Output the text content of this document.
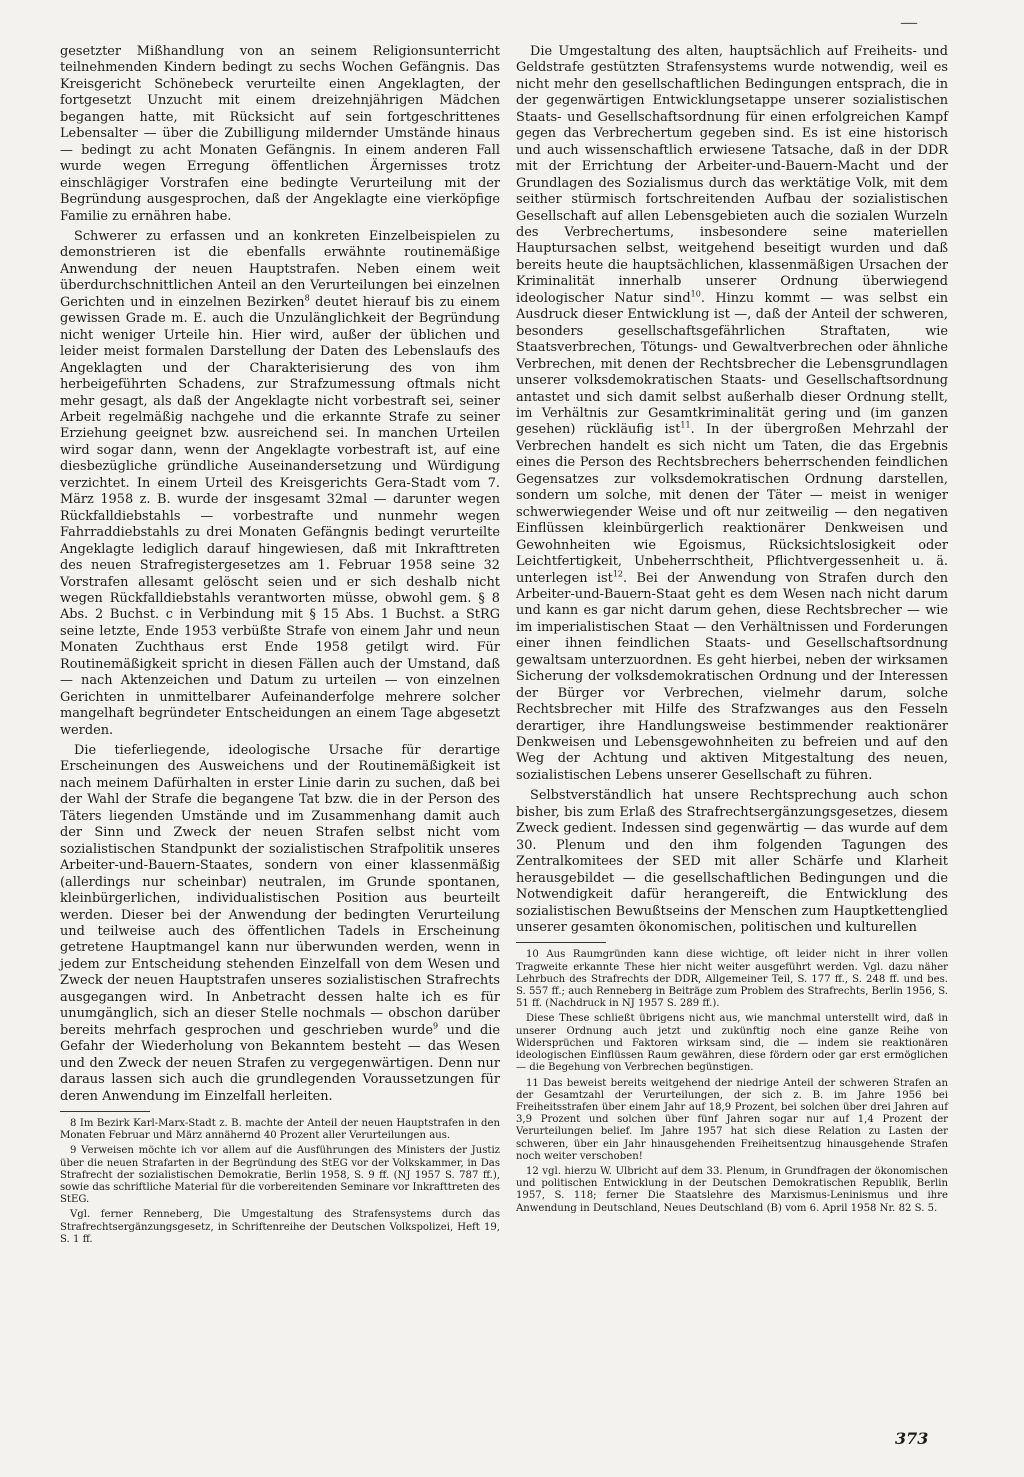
—

gesetzter Mißhandlung von an seinem Religionsunterricht teilnehmenden Kindern bedingt zu sechs Wochen Gefängnis. Das Kreisgericht Schönebeck verurteilte einen Angeklagten, der fortgesetzt Unzucht mit einem dreizehnjährigen Mädchen begangen hatte, mit Rücksicht auf sein fortgeschrittenes Lebensalter — über die Zubilligung mildernder Umstände hinaus — bedingt zu acht Monaten Gefängnis. In einem anderen Fall wurde wegen Erregung öffentlichen Ärgernisses trotz einschlägiger Vorstrafen eine bedingte Verurteilung mit der Begründung ausgesprochen, daß der Angeklagte eine vierköpfige Familie zu ernähren habe.

Schwerer zu erfassen und an konkreten Einzelbeispielen zu demonstrieren ist die ebenfalls erwähnte routinemäßige Anwendung der neuen Hauptstrafen. Neben einem weit überdurchschnittlichen Anteil an den Verurteilungen bei einzelnen Gerichten und in einzelnen Bezirken$^8$ deutet hierauf bis zu einem gewissen Grade m. E. auch die Unzulänglichkeit der Begründung nicht weniger Urteile hin. Hier wird, außer der üblichen und leider meist formalen Darstellung der Daten des Lebenslaufs des Angeklagten und der Charakterisierung des von ihm herbeigeführten Schadens, zur Strafzumessung oftmals nicht mehr gesagt, als daß der Angeklagte nicht vorbestraft sei, seiner Arbeit regelmäßig nachgehe und die erkannte Strafe zu seiner Erziehung geeignet bzw. ausreichend sei. In manchen Urteilen wird sogar dann, wenn der Angeklagte vorbestraft ist, auf eine diesbezügliche gründliche Auseinandersetzung und Würdigung verzichtet. In einem Urteil des Kreisgerichts Gera-Stadt vom 7. März 1958 z. B. wurde der insgesamt 32mal — darunter wegen Rückfalldiebstahls — vorbestrafte und nunmehr wegen Fahrraddiebstahls zu drei Monaten Gefängnis bedingt verurteilte Angeklagte lediglich darauf hingewiesen, daß mit Inkrafttreten des neuen Strafregistergesetzes am 1. Februar 1958 seine 32 Vorstrafen allesamt gelöscht seien und er sich deshalb nicht wegen Rückfalldiebstahls verantworten müsse, obwohl gem. § 8 Abs. 2 Buchst. c in Verbindung mit § 15 Abs. 1 Buchst. a StRG seine letzte, Ende 1953 verbüßte Strafe von einem Jahr und neun Monaten Zuchthaus erst Ende 1958 getilgt wird. Für Routinemäßigkeit spricht in diesen Fällen auch der Umstand, daß — nach Aktenzeichen und Datum zu urteilen — von einzelnen Gerichten in unmittelbarer Aufeinanderfolge mehrere solcher mangelhaft begründeter Entscheidungen an einem Tage abgesetzt werden.

Die tieferliegende, ideologische Ursache für derartige Erscheinungen des Ausweichens und der Routinemäßigkeit ist nach meinem Dafürhalten in erster Linie darin zu suchen, daß bei der Wahl der Strafe die begangene Tat bzw. die in der Person des Täters liegenden Umstände und im Zusammenhang damit auch der Sinn und Zweck der neuen Strafen selbst nicht vom sozialistischen Standpunkt der sozialistischen Strafpolitik unseres Arbeiter-und-Bauern-Staates, sondern von einer klassenmäßig (allerdings nur scheinbar) neutralen, im Grunde spontanen, kleinbürgerlichen, individualistischen Position aus beurteilt werden. Dieser bei der Anwendung der bedingten Verurteilung und teilweise auch des öffentlichen Tadels in Erscheinung getretene Hauptmangel kann nur überwunden werden, wenn in jedem zur Entscheidung stehenden Einzelfall von dem Wesen und Zweck der neuen Hauptstrafen unseres sozialistischen Strafrechts ausgegangen wird. In Anbetracht dessen halte ich es für unumgänglich, sich an dieser Stelle nochmals — obschon darüber bereits mehrfach gesprochen und geschrieben wurde$^9$ und die Gefahr der Wiederholung von Bekanntem besteht — das Wesen und den Zweck der neuen Strafen zu vergegenwärtigen. Denn nur daraus lassen sich auch die grundlegenden Voraussetzungen für deren Anwendung im Einzelfall herleiten.

8 Im Bezirk Karl-Marx-Stadt z. B. machte der Anteil der neuen Hauptstrafen in den Monaten Februar und März annähernd 40 Prozent aller Verurteilungen aus.

9 Verweisen möchte ich vor allem auf die Ausführungen des Ministers der Justiz über die neuen Strafarten in der Begründung des StEG vor der Volkskammer, in Das Strafrecht der sozialistischen Demokratie, Berlin 1958, S. 9 ff. (NJ 1957 S. 787 ff.), sowie das schriftliche Material für die vorbereitenden Seminare vor Inkrafttreten des StEG.

Vgl. ferner Renneberg, Die Umgestaltung des Strafensystems durch das Strafrechtsergänzungsgesetz, in Schriftenreihe der Deutschen Volkspolizei, Heft 19, S. 1 ff.

Die Umgestaltung des alten, hauptsächlich auf Freiheits- und Geldstrafe gestützten Strafensystems wurde notwendig, weil es nicht mehr den gesellschaftlichen Bedingungen entsprach, die in der gegenwärtigen Entwicklungsetappe unserer sozialistischen Staats- und Gesellschaftsordnung für einen erfolgreichen Kampf gegen das Verbrechertum gegeben sind. Es ist eine historisch und auch wissenschaftlich erwiesene Tatsache, daß in der DDR mit der Errichtung der Arbeiter-und-Bauern-Macht und der Grundlagen des Sozialismus durch das werktätige Volk, mit dem seither stürmisch fortschreitenden Aufbau der sozialistischen Gesellschaft auf allen Lebensgebieten auch die sozialen Wurzeln des Verbrechertums, insbesondere seine materiellen Hauptursachen selbst, weitgehend beseitigt wurden und daß bereits heute die hauptsächlichen, klassenmäßigen Ursachen der Kriminalität innerhalb unserer Ordnung überwiegend ideologischer Natur sind$^{10}$. Hinzu kommt — was selbst ein Ausdruck dieser Entwicklung ist —, daß der Anteil der schweren, besonders gesellschaftsgefährlichen Straftaten, wie Staatsverbrechen, Tötungs- und Gewaltverbrechen oder ähnliche Verbrechen, mit denen der Rechtsbrecher die Lebensgrundlagen unserer volksdemokratischen Staats- und Gesellschaftsordnung antastet und sich damit selbst außerhalb dieser Ordnung stellt, im Verhältnis zur Gesamtkriminalität gering und (im ganzen gesehen) rückläufig ist$^{11}$. In der übergroßen Mehrzahl der Verbrechen handelt es sich nicht um Taten, die das Ergebnis eines die Person des Rechtsbrechers beherrschenden feindlichen Gegensatzes zur volksdemokratischen Ordnung darstellen, sondern um solche, mit denen der Täter — meist in weniger schwerwiegender Weise und oft nur zeitweilig — den negativen Einflüssen kleinbürgerlich reaktionärer Denkweisen und Gewohnheiten wie Egoismus, Rücksichtslosigkeit oder Leichtfertigkeit, Unbeherrschtheit, Pflichtvergessenheit u. ä. unterlegen ist$^{12}$. Bei der Anwendung von Strafen durch den Arbeiter-und-Bauern-Staat geht es dem Wesen nach nicht darum und kann es gar nicht darum gehen, diese Rechtsbrecher — wie im imperialistischen Staat — den Verhältnissen und Forderungen einer ihnen feindlichen Staats- und Gesellschaftsordnung gewaltsam unterzuordnen. Es geht hierbei, neben der wirksamen Sicherung der volksdemokratischen Ordnung und der Interessen der Bürger vor Verbrechen, vielmehr darum, solche Rechtsbrecher mit Hilfe des Strafzwanges aus den Fesseln derartiger, ihre Handlungsweise bestimmender reaktionärer Denkweisen und Lebensgewohnheiten zu befreien und auf den Weg der Achtung und aktiven Mitgestaltung des neuen, sozialistischen Lebens unserer Gesellschaft zu führen.

Selbstverständlich hat unsere Rechtsprechung auch schon bisher, bis zum Erlaß des Strafrechtsergänzungsgesetzes, diesem Zweck gedient. Indessen sind gegenwärtig — das wurde auf dem 30. Plenum und den ihm folgenden Tagungen des Zentralkomitees der SED mit aller Schärfe und Klarheit herausgebildet — die gesellschaftlichen Bedingungen und die Notwendigkeit dafür herangereift, die Entwicklung des sozialistischen Bewußtseins der Menschen zum Hauptkettenglied unserer gesamten ökonomischen, politischen und kulturellen

10 Aus Raumgründen kann diese wichtige, oft leider nicht in ihrer vollen Tragweite erkannte These hier nicht weiter ausgeführt werden. Vgl. dazu näher Lehrbuch des Strafrechts der DDR, Allgemeiner Teil, S. 177 ff., S. 248 ff. und bes. S. 557 ff.; auch Renneberg in Beiträge zum Problem des Strafrechts, Berlin 1956, S. 51 ff. (Nachdruck in NJ 1957 S. 289 ff.).

Diese These schließt übrigens nicht aus, wie manchmal unterstellt wird, daß in unserer Ordnung auch jetzt und zukünftig noch eine ganze Reihe von Widersprüchen und Faktoren wirksam sind, die — indem sie reaktionären ideologischen Einflüssen Raum gewähren, diese fördern oder gar erst ermöglichen — die Begehung von Verbrechen begünstigen.

11 Das beweist bereits weitgehend der niedrige Anteil der schweren Strafen an der Gesamtzahl der Verurteilungen, der sich z. B. im Jahre 1956 bei Freiheitsstrafen über einem Jahr auf 18,9 Prozent, bei solchen über drei Jahren auf 3,9 Prozent und solchen über fünf Jahren sogar nur auf 1,4 Prozent der Verurteilungen belief. Im Jahre 1957 hat sich diese Relation zu Lasten der schweren, über ein Jahr hinausgehenden Freiheitsentzug hinausgehende Strafen noch weiter verschoben!

12 vgl. hierzu W. Ulbricht auf dem 33. Plenum, in Grundfragen der ökonomischen und politischen Entwicklung in der Deutschen Demokratischen Republik, Berlin 1957, S. 118; ferner Die Staatslehre des Marxismus-Leninismus und ihre Anwendung in Deutschland, Neues Deutschland (B) vom 6. April 1958 Nr. 82 S. 5.

373
